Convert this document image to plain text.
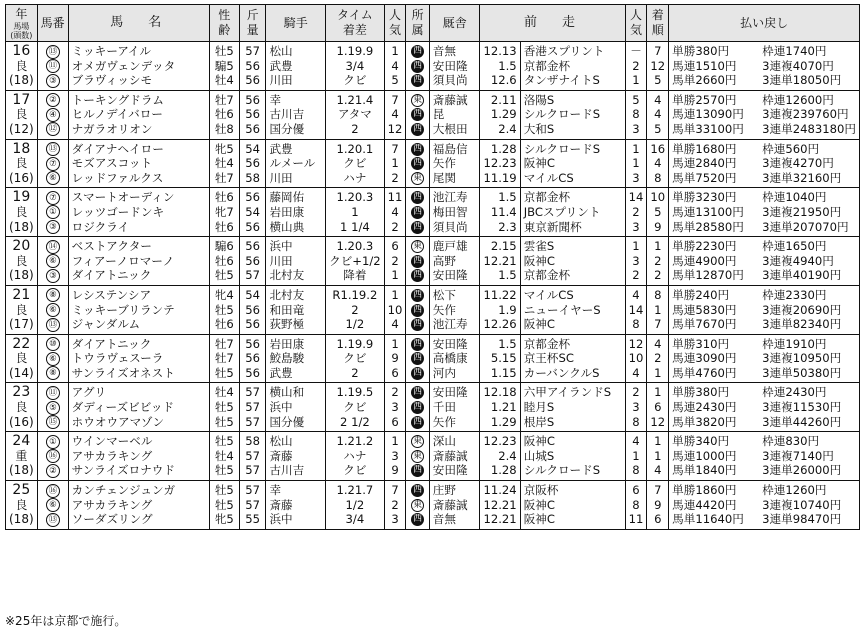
年
馬場
(頭数)	馬番	馬　名	性
齢	斤
量	騎手	タイム
着差	人
気	所
属	厩舎	前　走		人
気	着
順	払い戻し
16	⑬	ミッキーアイル	牡5	57	松山	1.19.9	1	西	音無	12.13	香港スプリント	－	7	単勝380円 枠連1740円
良	⑪	オメガヴェンデッタ	騸5	56	武豊	3/4	4	西	安田隆	1.5	京都金杯	2	12	馬連1510円 3連複4070円
(18)	③	ブラヴィッシモ	牡4	56	川田	クビ	5	西	須貝尚	12.6	タンザナイトS	1	5	馬単2660円 3連単18050円
17	②	トーキングドラム	牡7	56	幸	1.21.4	7	東	斎藤誠	2.11	洛陽S	5	4	単勝2570円 枠連12600円
良	④	ヒルノデイバロー	牡6	56	古川吉	アタマ	4	西	昆	1.29	シルクロードS	8	4	馬連13090円 3連複239760円
(12)	⑫	ナガラオリオン	牡8	56	国分優	2	12	西	大根田	2.4	大和S	3	5	馬単33100円 3連単2483180円
18	⑬	ダイアナヘイロー	牝5	54	武豊	1.20.1	7	西	福島信	1.28	シルクロードS	1	16	単勝1680円 枠連560円
良	⑦	モズアスコット	牡4	56	ルメール	クビ	1	西	矢作	12.23	阪神C	1	4	馬連2840円 3連複4270円
(16)	⑥	レッドファルクス	牡7	58	川田	ハナ	2	東	尾関	11.19	マイルCS	3	8	馬単7520円 3連単32160円
19	⑦	スマートオーディン	牡6	56	藤岡佑	1.20.3	11	西	池江寿	1.5	京都金杯	14	10	単勝3230円 枠連1040円
良	①	レッツゴードンキ	牝7	54	岩田康	1	4	西	梅田智	11.4	JBCスプリント	2	5	馬連13100円 3連複21950円
(18)	③	ロジクライ	牡6	56	横山典	1 1/4	2	西	須貝尚	2.3	東京新聞杯	3	9	馬単28580円 3連単207070円
20	⑭	ベストアクター	騸6	56	浜中	1.20.3	6	東	鹿戸雄	2.15	雲雀S	1	1	単勝2230円 枠連1650円
良	⑥	フィアーノロマーノ	牡6	56	川田	クビ+1/2	2	西	高野	12.21	阪神C	3	2	馬連4900円 3連複4940円
(18)	③	ダイアトニック	牡5	57	北村友	降着	1	西	安田隆	1.5	京都金杯	2	2	馬単12870円 3連単40190円
21	⑧	レシステンシア	牝4	54	北村友	R1.19.2	1	西	松下	11.22	マイルCS	4	8	単勝240円 枠連2330円
良	⑥	ミッキーブリランテ	牡5	56	和田竜	2	10	西	矢作	1.9	ニューイヤーS	14	1	馬連5830円 3連複20690円
(17)	⑬	ジャンダルム	牡6	56	荻野極	1/2	4	西	池江寿	12.26	阪神C	8	7	馬単7670円 3連単82340円
22	⑩	ダイアトニック	牡7	56	岩田康	1.19.9	1	西	安田隆	1.5	京都金杯	12	4	単勝310円 枠連1910円
良	⑥	トウラヴェスーラ	牡7	56	鮫島駿	クビ	9	西	高橋康	5.15	京王杯SC	10	2	馬連3090円 3連複10950円
(14)	⑧	サンライズオネスト	牡5	56	武豊	2	6	西	河内	1.15	カーバンクルS	4	1	馬単4760円 3連単50380円
23	⑪	アグリ	牡4	57	横山和	1.19.5	2	西	安田隆	12.18	六甲アイランドS	2	1	単勝380円 枠連2430円
良	⑤	ダディーズビビッド	牡5	57	浜中	クビ	3	西	千田	1.21	睦月S	3	6	馬連2430円 3連複11530円
(16)	⑮	ホウオウアマゾン	牡5	57	国分優	2 1/2	6	西	矢作	1.29	根岸S	8	12	馬単3820円 3連単44260円
24	①	ウインマーベル	牡5	58	松山	1.21.2	1	東	深山	12.23	阪神C	4	1	単勝340円 枠連830円
重	⑯	アサカラキング	牡4	57	斎藤	ハナ	3	東	斎藤誠	2.4	山城S	1	1	馬連1000円 3連複7140円
(18)	②	サンライズロナウド	牡5	57	古川吉	クビ	9	西	安田隆	1.28	シルクロードS	8	4	馬単1840円 3連単26000円
25	⑯	カンチェンジュンガ	牡5	57	幸	1.21.7	7	西	庄野	11.24	京阪杯	6	7	単勝1860円 枠連1260円
良	⑥	アサカラキング	牡5	57	斎藤	1/2	2	東	斎藤誠	12.21	阪神C	8	9	馬連4420円 3連複10740円
(18)	⑬	ソーダズリング	牝5	55	浜中	3/4	3	西	音無	12.21	阪神C	11	6	馬単11640円 3連単98470円
※25年は京都で施行。
